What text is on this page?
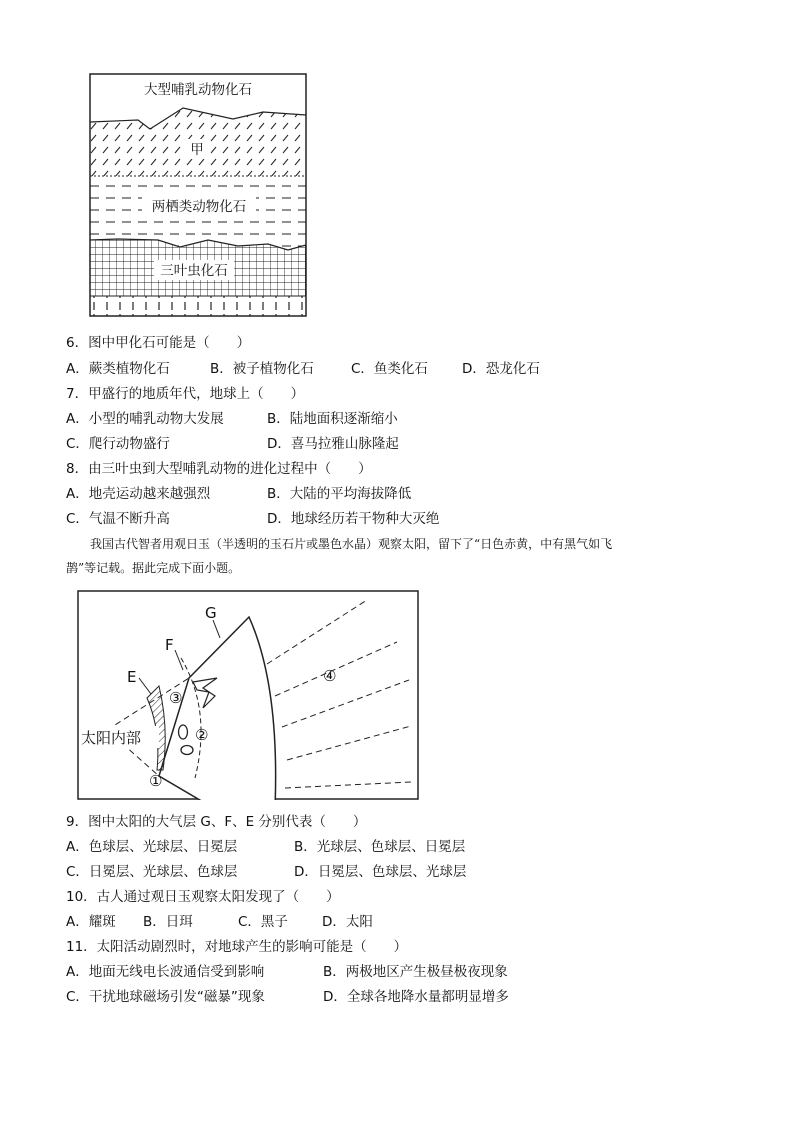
大型哺乳动物化石
甲
两栖类动物化石
三叶虫化石
6．图中甲化石可能是（　　）
A．蕨类植物化石	B．被子植物化石	C．鱼类化石	D．恐龙化石
7．甲盛行的地质年代，地球上（　　）
A．小型的哺乳动物大发展	B．陆地面积逐渐缩小
C．爬行动物盛行	D．喜马拉雅山脉隆起
8．由三叶虫到大型哺乳动物的进化过程中（　　）
A．地壳运动越来越强烈	B．大陆的平均海拔降低
C．气温不断升高	D．地球经历若干物种大灭绝
我国古代智者用观日玉（半透明的玉石片或墨色水晶）观察太阳，留下了“日色赤黄，中有黑气如飞
鹊”等记载。据此完成下面小题。
G
F
E
③
②
①
④
太阳内部
9．图中太阳的大气层 G、F、E 分别代表（　　）
A．色球层、光球层、日冕层	B．光球层、色球层、日冕层
C．日冕层、光球层、色球层	D．日冕层、色球层、光球层
10．古人通过观日玉观察太阳发现了（　　）
A．耀斑 B．日珥	C．黑子	D．太阳
11．太阳活动剧烈时，对地球产生的影响可能是（　　）
A．地面无线电长波通信受到影响	B．两极地区产生极昼极夜现象
C．干扰地球磁场引发“磁暴”现象	D．全球各地降水量都明显增多
